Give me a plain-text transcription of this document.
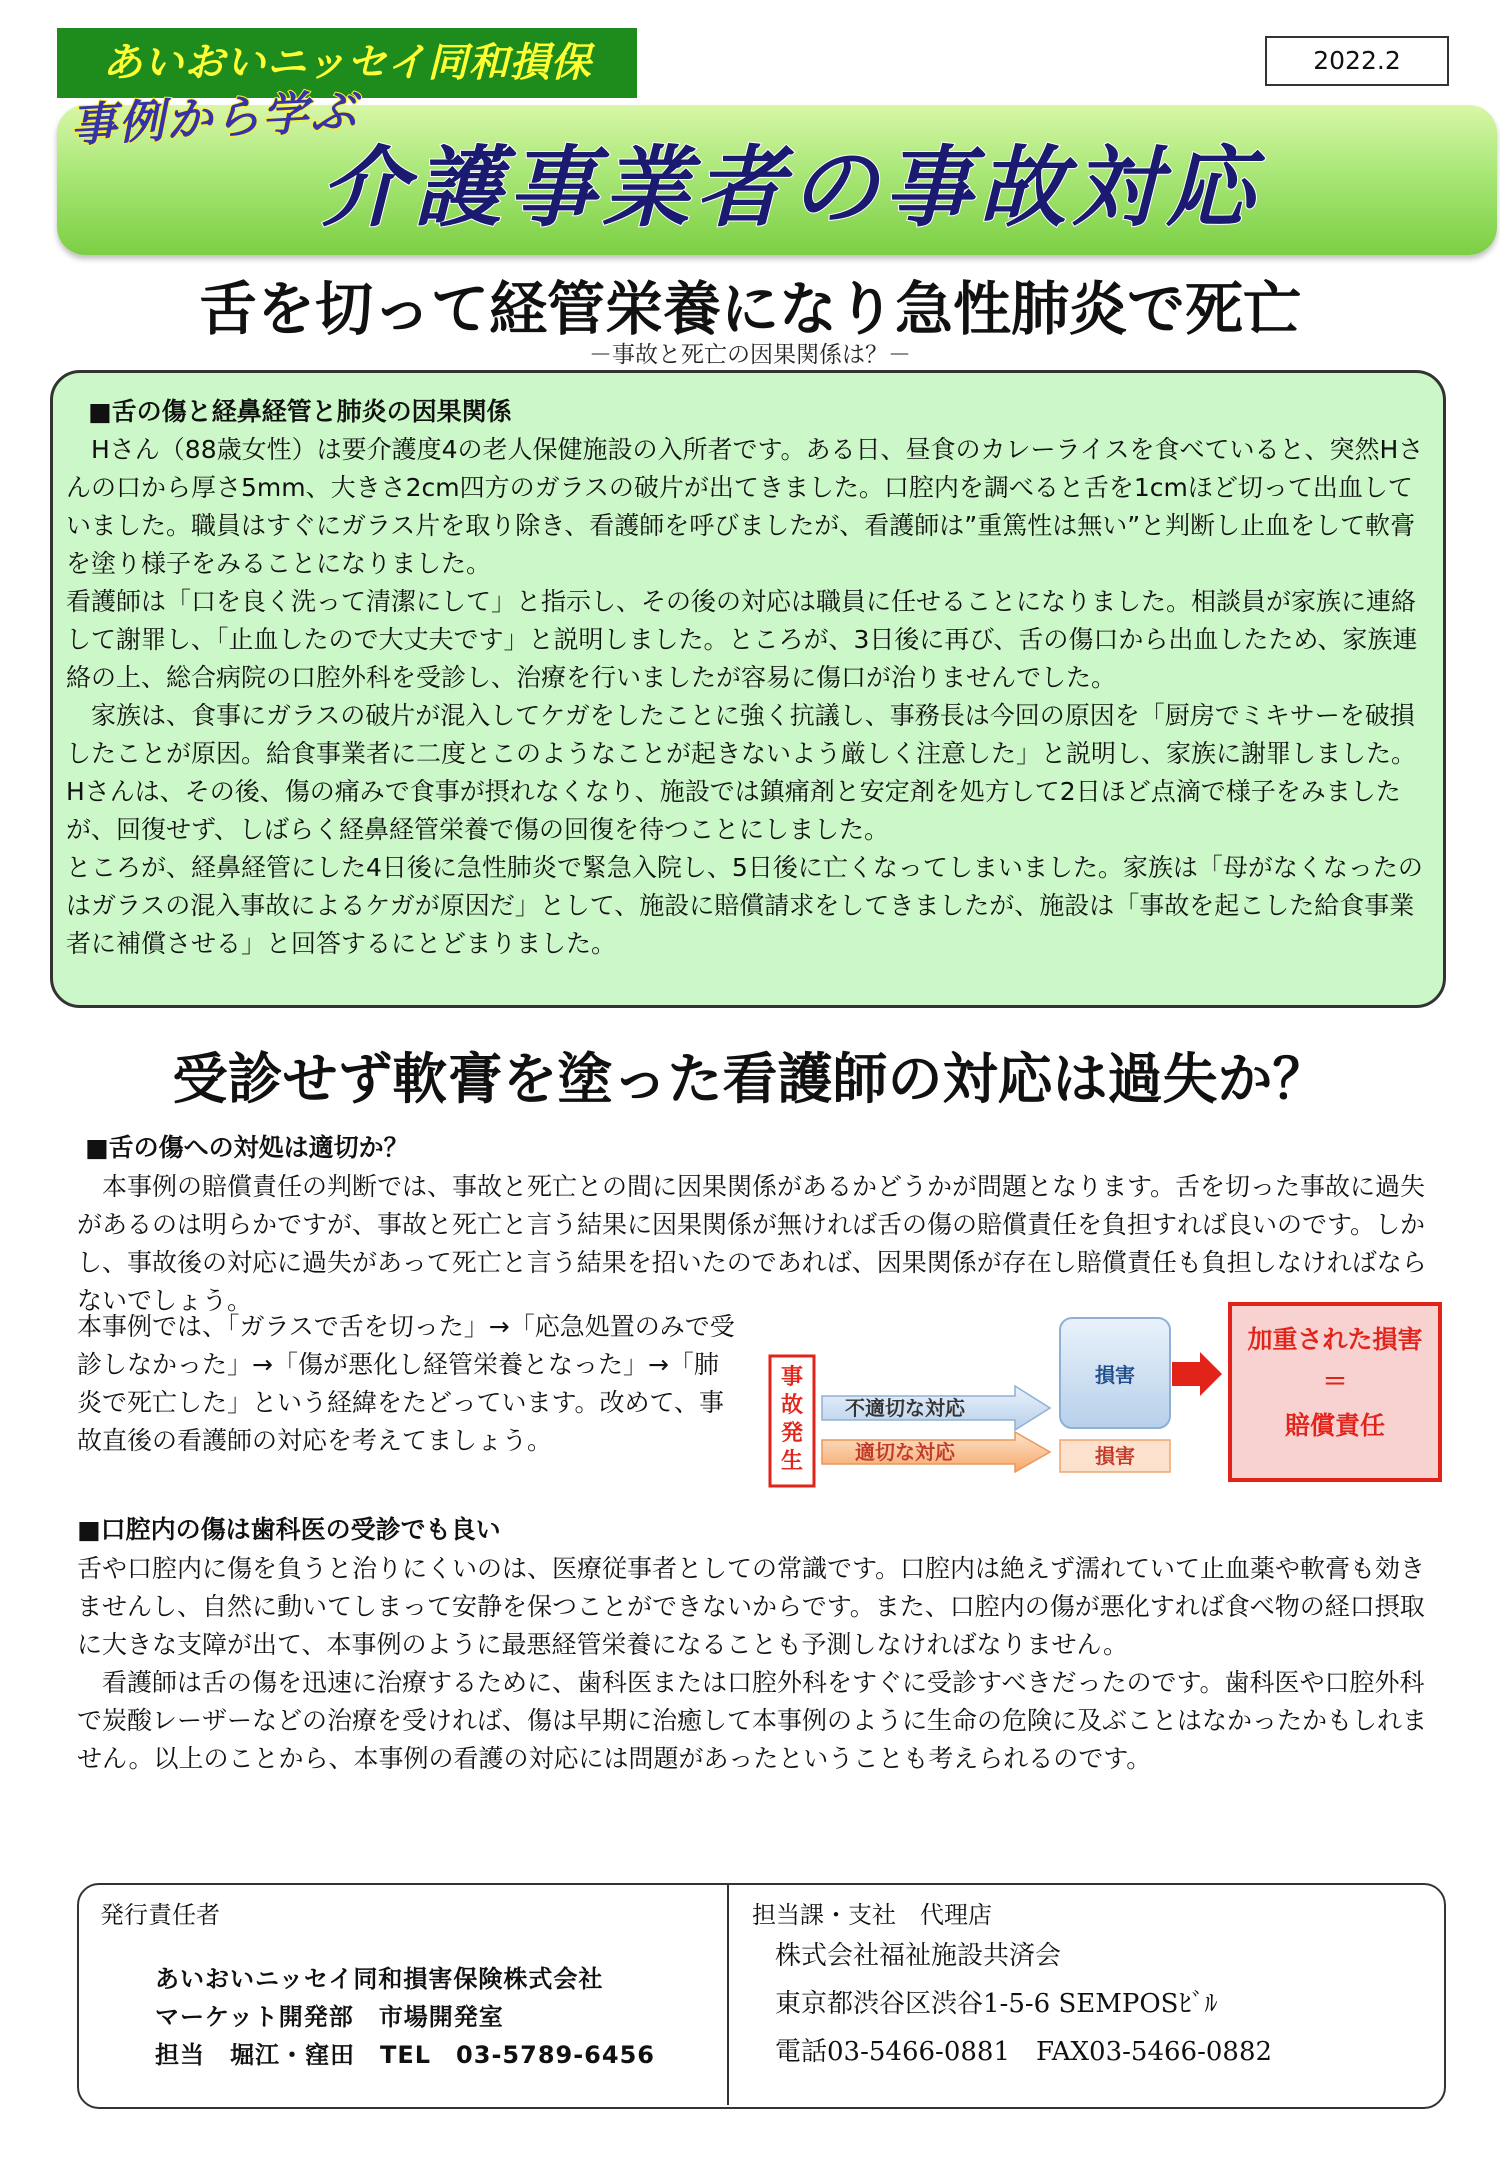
あいおいニッセイ同和損保	2022.2
介護事業者の事故対応
事例から学ぶ
舌を切って経管栄養になり急性肺炎で死亡
－事故と死亡の因果関係は？－
■舌の傷と経鼻経管と肺炎の因果関係

　Hさん（88歳女性）は要介護度4の老人保健施設の入所者です。ある日、昼食のカレーライスを食べていると、突然Hさんの口から厚さ5mm、大きさ2cm四方のガラスの破片が出てきました。口腔内を調べると舌を1cmほど切って出血していました。職員はすぐにガラス片を取り除き、看護師を呼びましたが、看護師は”重篤性は無い”と判断し止血をして軟膏を塗り様子をみることになりました。

看護師は「口を良く洗って清潔にして」と指示し、その後の対応は職員に任せることになりました。相談員が家族に連絡して謝罪し、「止血したので大丈夫です」と説明しました。ところが、3日後に再び、舌の傷口から出血したため、家族連絡の上、総合病院の口腔外科を受診し、治療を行いましたが容易に傷口が治りませんでした。

　家族は、食事にガラスの破片が混入してケガをしたことに強く抗議し、事務長は今回の原因を「厨房でミキサーを破損したことが原因。給食事業者に二度とこのようなことが起きないよう厳しく注意した」と説明し、家族に謝罪しました。Hさんは、その後、傷の痛みで食事が摂れなくなり、施設では鎮痛剤と安定剤を処方して2日ほど点滴で様子をみましたが、回復せず、しばらく経鼻経管栄養で傷の回復を待つことにしました。

ところが、経鼻経管にした4日後に急性肺炎で緊急入院し、5日後に亡くなってしまいました。家族は「母がなくなったのはガラスの混入事故によるケガが原因だ」として、施設に賠償請求をしてきましたが、施設は「事故を起こした給食事業者に補償させる」と回答するにとどまりました。

受診せず軟膏を塗った看護師の対応は過失か？
■舌の傷への対処は適切か？

　本事例の賠償責任の判断では、事故と死亡との間に因果関係があるかどうかが問題となります。舌を切った事故に過失があるのは明らかですが、事故と死亡と言う結果に因果関係が無ければ舌の傷の賠償責任を負担すれば良いのです。しかし、事故後の対応に過失があって死亡と言う結果を招いたのであれば、因果関係が存在し賠償責任も負担しなければならないでしょう。

本事例では、「ガラスで舌を切った」→「応急処置のみで受診しなかった」→「傷が悪化し経管栄養となった」→「肺炎で死亡した」という経緯をたどっています。改めて、事故直後の看護師の対応を考えてましょう。

事
故
発
生
不適切な対応
適切な対応
損害
損害
加重された損害
＝
賠償責任
■口腔内の傷は歯科医の受診でも良い

舌や口腔内に傷を負うと治りにくいのは、医療従事者としての常識です。口腔内は絶えず濡れていて止血薬や軟膏も効きませんし、自然に動いてしまって安静を保つことができないからです。また、口腔内の傷が悪化すれば食べ物の経口摂取に大きな支障が出て、本事例のように最悪経管栄養になることも予測しなければなりません。

　看護師は舌の傷を迅速に治療するために、歯科医または口腔外科をすぐに受診すべきだったのです。歯科医や口腔外科で炭酸レーザーなどの治療を受ければ、傷は早期に治癒して本事例のように生命の危険に及ぶことはなかったかもしれません。以上のことから、本事例の看護の対応には問題があったということも考えられるのです。

発行責任者
あいおいニッセイ同和損害保険株式会社
マーケット開発部　市場開発室
担当　堀江・窪田　TEL　03-5789-6456
担当課・支社　代理店
株式会社福祉施設共済会
東京都渋谷区渋谷1-5-6 SEMPOSﾋﾞﾙ
電話03-5466-0881　FAX03-5466-0882
